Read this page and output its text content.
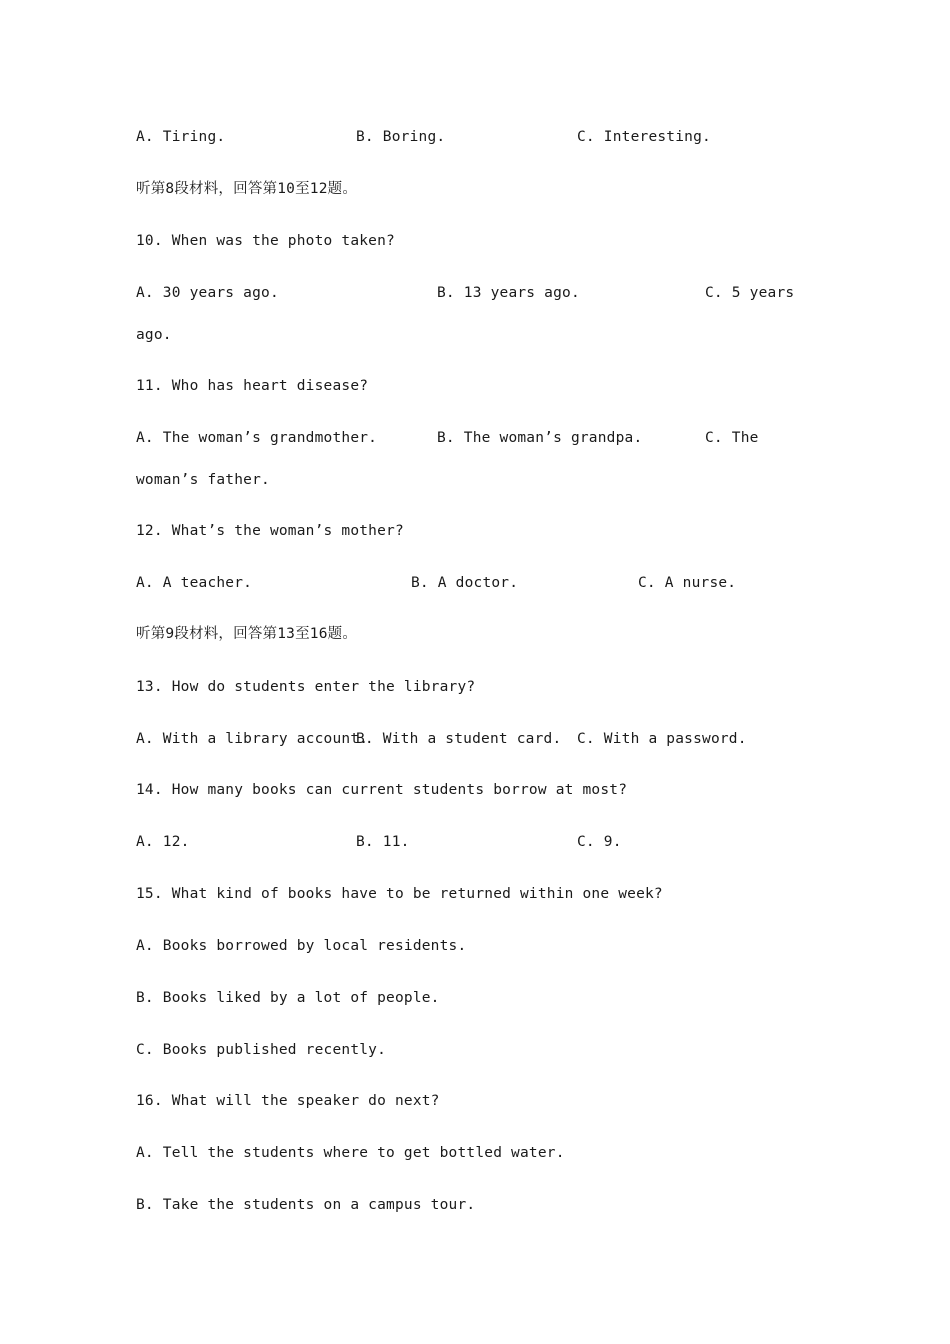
A. Tiring.	B. Boring.	C. Interesting.
听第8段材料，回答第10至12题。
10. When was the photo taken?
A. 30 years ago.	B. 13 years ago.	C. 5 years
ago.
11. Who has heart disease?
A. The woman’s grandmother.	B. The woman’s grandpa.	C. The
woman’s father.
12. What’s the woman’s mother?
A. A teacher.	B. A doctor.	C. A nurse.
听第9段材料，回答第13至16题。
13. How do students enter the library?
A. With a library account.
B. With a student card. C. With a password.
14. How many books can current students borrow at most?
A. 12.	B. 11.	C. 9.
15. What kind of books have to be returned within one week?
A. Books borrowed by local residents.
B. Books liked by a lot of people.
C. Books published recently.
16. What will the speaker do next?
A. Tell the students where to get bottled water.
B. Take the students on a campus tour.
